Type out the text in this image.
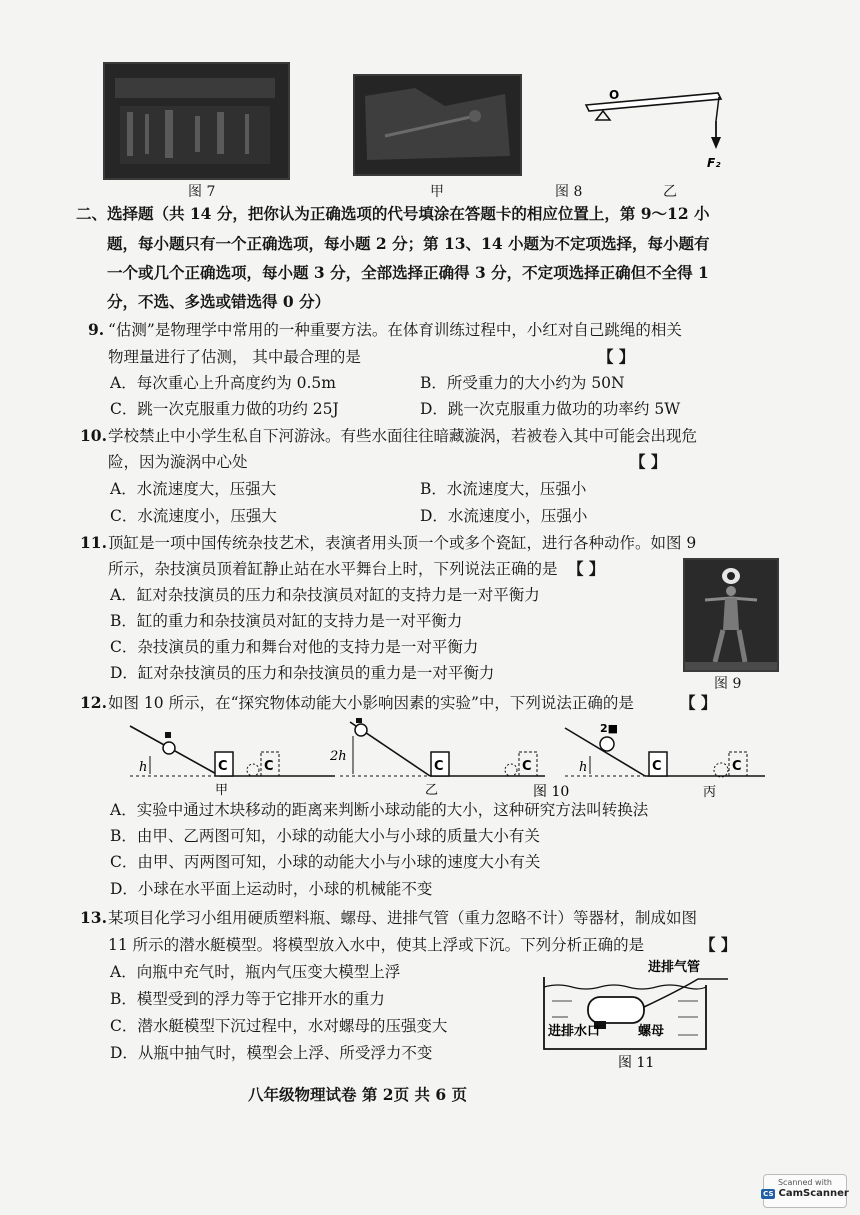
图 7	甲	图 8	乙
O
F₂
二、选择题（共 14 分，把你认为正确选项的代号填涂在答题卡的相应位置上，第 9～12 小
题，每小题只有一个正确选项，每小题 2 分；第 13、14 小题为不定项选择，每小题有
一个或几个正确选项，每小题 3 分，全部选择正确得 3 分，不定项选择正确但不全得 1
分，不选、多选或错选得 0 分）
9. “估测”是物理学中常用的一种重要方法。在体育训练过程中，小红对自己跳绳的相关
物理量进行了估测， 其中最合理的是	【 】
A．每次重心上升高度约为 0.5m	B．所受重力的大小约为 50N
C．跳一次克服重力做的功约 25J	D．跳一次克服重力做功的功率约 5W
10. 学校禁止中小学生私自下河游泳。有些水面往往暗藏漩涡，若被卷入其中可能会出现危
险，因为漩涡中心处	【 】
A．水流速度大，压强大	B．水流速度大，压强小
C．水流速度小，压强大	D．水流速度小，压强小
11. 顶缸是一项中国传统杂技艺术，表演者用头顶一个或多个瓷缸，进行各种动作。如图 9
所示，杂技演员顶着缸静止站在水平舞台上时，下列说法正确的是 【 】
A．缸对杂技演员的压力和杂技演员对缸的支持力是一对平衡力
B．缸的重力和杂技演员对缸的支持力是一对平衡力
C．杂技演员的重力和舞台对他的支持力是一对平衡力
D．缸对杂技演员的压力和杂技演员的重力是一对平衡力
图 9
12. 如图 10 所示，在“探究物体动能大小影响因素的实验”中，下列说法正确的是	【 】
h	C	C
2h
C	C	h
2■
C	C
甲	乙	图 10	丙
A．实验中通过木块移动的距离来判断小球动能的大小，这种研究方法叫转换法
B．由甲、乙两图可知，小球的动能大小与小球的质量大小有关
C．由甲、丙两图可知，小球的动能大小与小球的速度大小有关
D．小球在水平面上运动时，小球的机械能不变
13. 某项目化学习小组用硬质塑料瓶、螺母、进排气管（重力忽略不计）等器材，制成如图
11 所示的潜水艇模型。将模型放入水中，使其上浮或下沉。下列分析正确的是	【 】
A．向瓶中充气时，瓶内气压变大模型上浮
B．模型受到的浮力等于它排开水的重力
C．潜水艇模型下沉过程中，水对螺母的压强变大
D．从瓶中抽气时，模型会上浮、所受浮力不变
进排气管
进排水口	螺母
图 11
八年级物理试卷 第 2页 共 6 页
Scanned with
CS CamScanner
